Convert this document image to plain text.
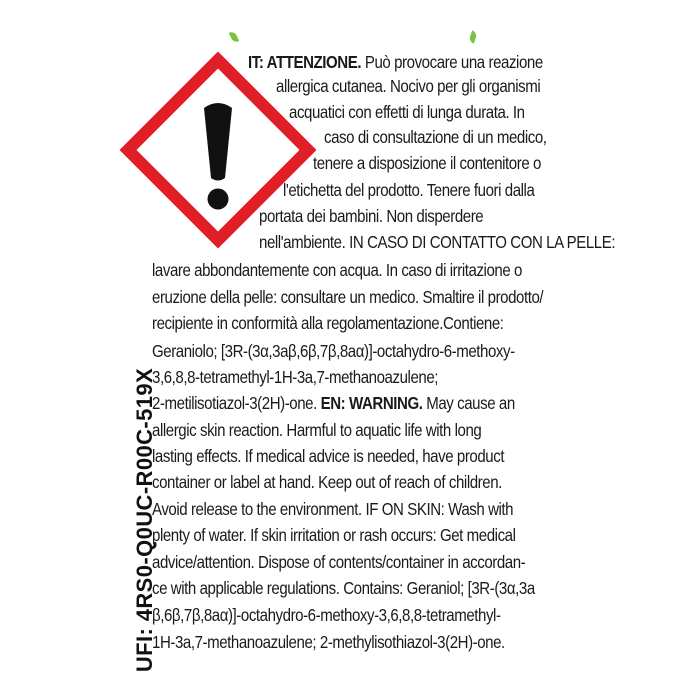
UFI: 4RS0-Q0UC-R00C-519X
IT: ATTENZIONE. Può provocare una reazione
allergica cutanea. Nocivo per gli organismi
acquatici con effetti di lunga durata. In
caso di consultazione di un medico,
tenere a disposizione il contenitore o
l'etichetta del prodotto. Tenere fuori dalla
portata dei bambini. Non disperdere
nell'ambiente. IN CASO DI CONTATTO CON LA PELLE:
lavare abbondantemente con acqua. In caso di irritazione o
eruzione della pelle: consultare un medico. Smaltire il prodotto/
recipiente in conformità alla regolamentazione.Contiene:
Geraniolo; [3R-(3α,3aβ,6β,7β,8aα)]-octahydro-6-methoxy-
3,6,8,8-tetramethyl-1H-3a,7-methanoazulene;
2-metilisotiazol-3(2H)-one. EN: WARNING. May cause an
allergic skin reaction. Harmful to aquatic life with long
lasting effects. If medical advice is needed, have product
container or label at hand. Keep out of reach of children.
Avoid release to the environment. IF ON SKIN: Wash with
plenty of water. If skin irritation or rash occurs: Get medical
advice/attention. Dispose of contents/container in accordan-
ce with applicable regulations. Contains: Geraniol; [3R-(3α,3a
β,6β,7β,8aα)]-octahydro-6-methoxy-3,6,8,8-tetramethyl-
1H-3a,7-methanoazulene; 2-methylisothiazol-3(2H)-one.
